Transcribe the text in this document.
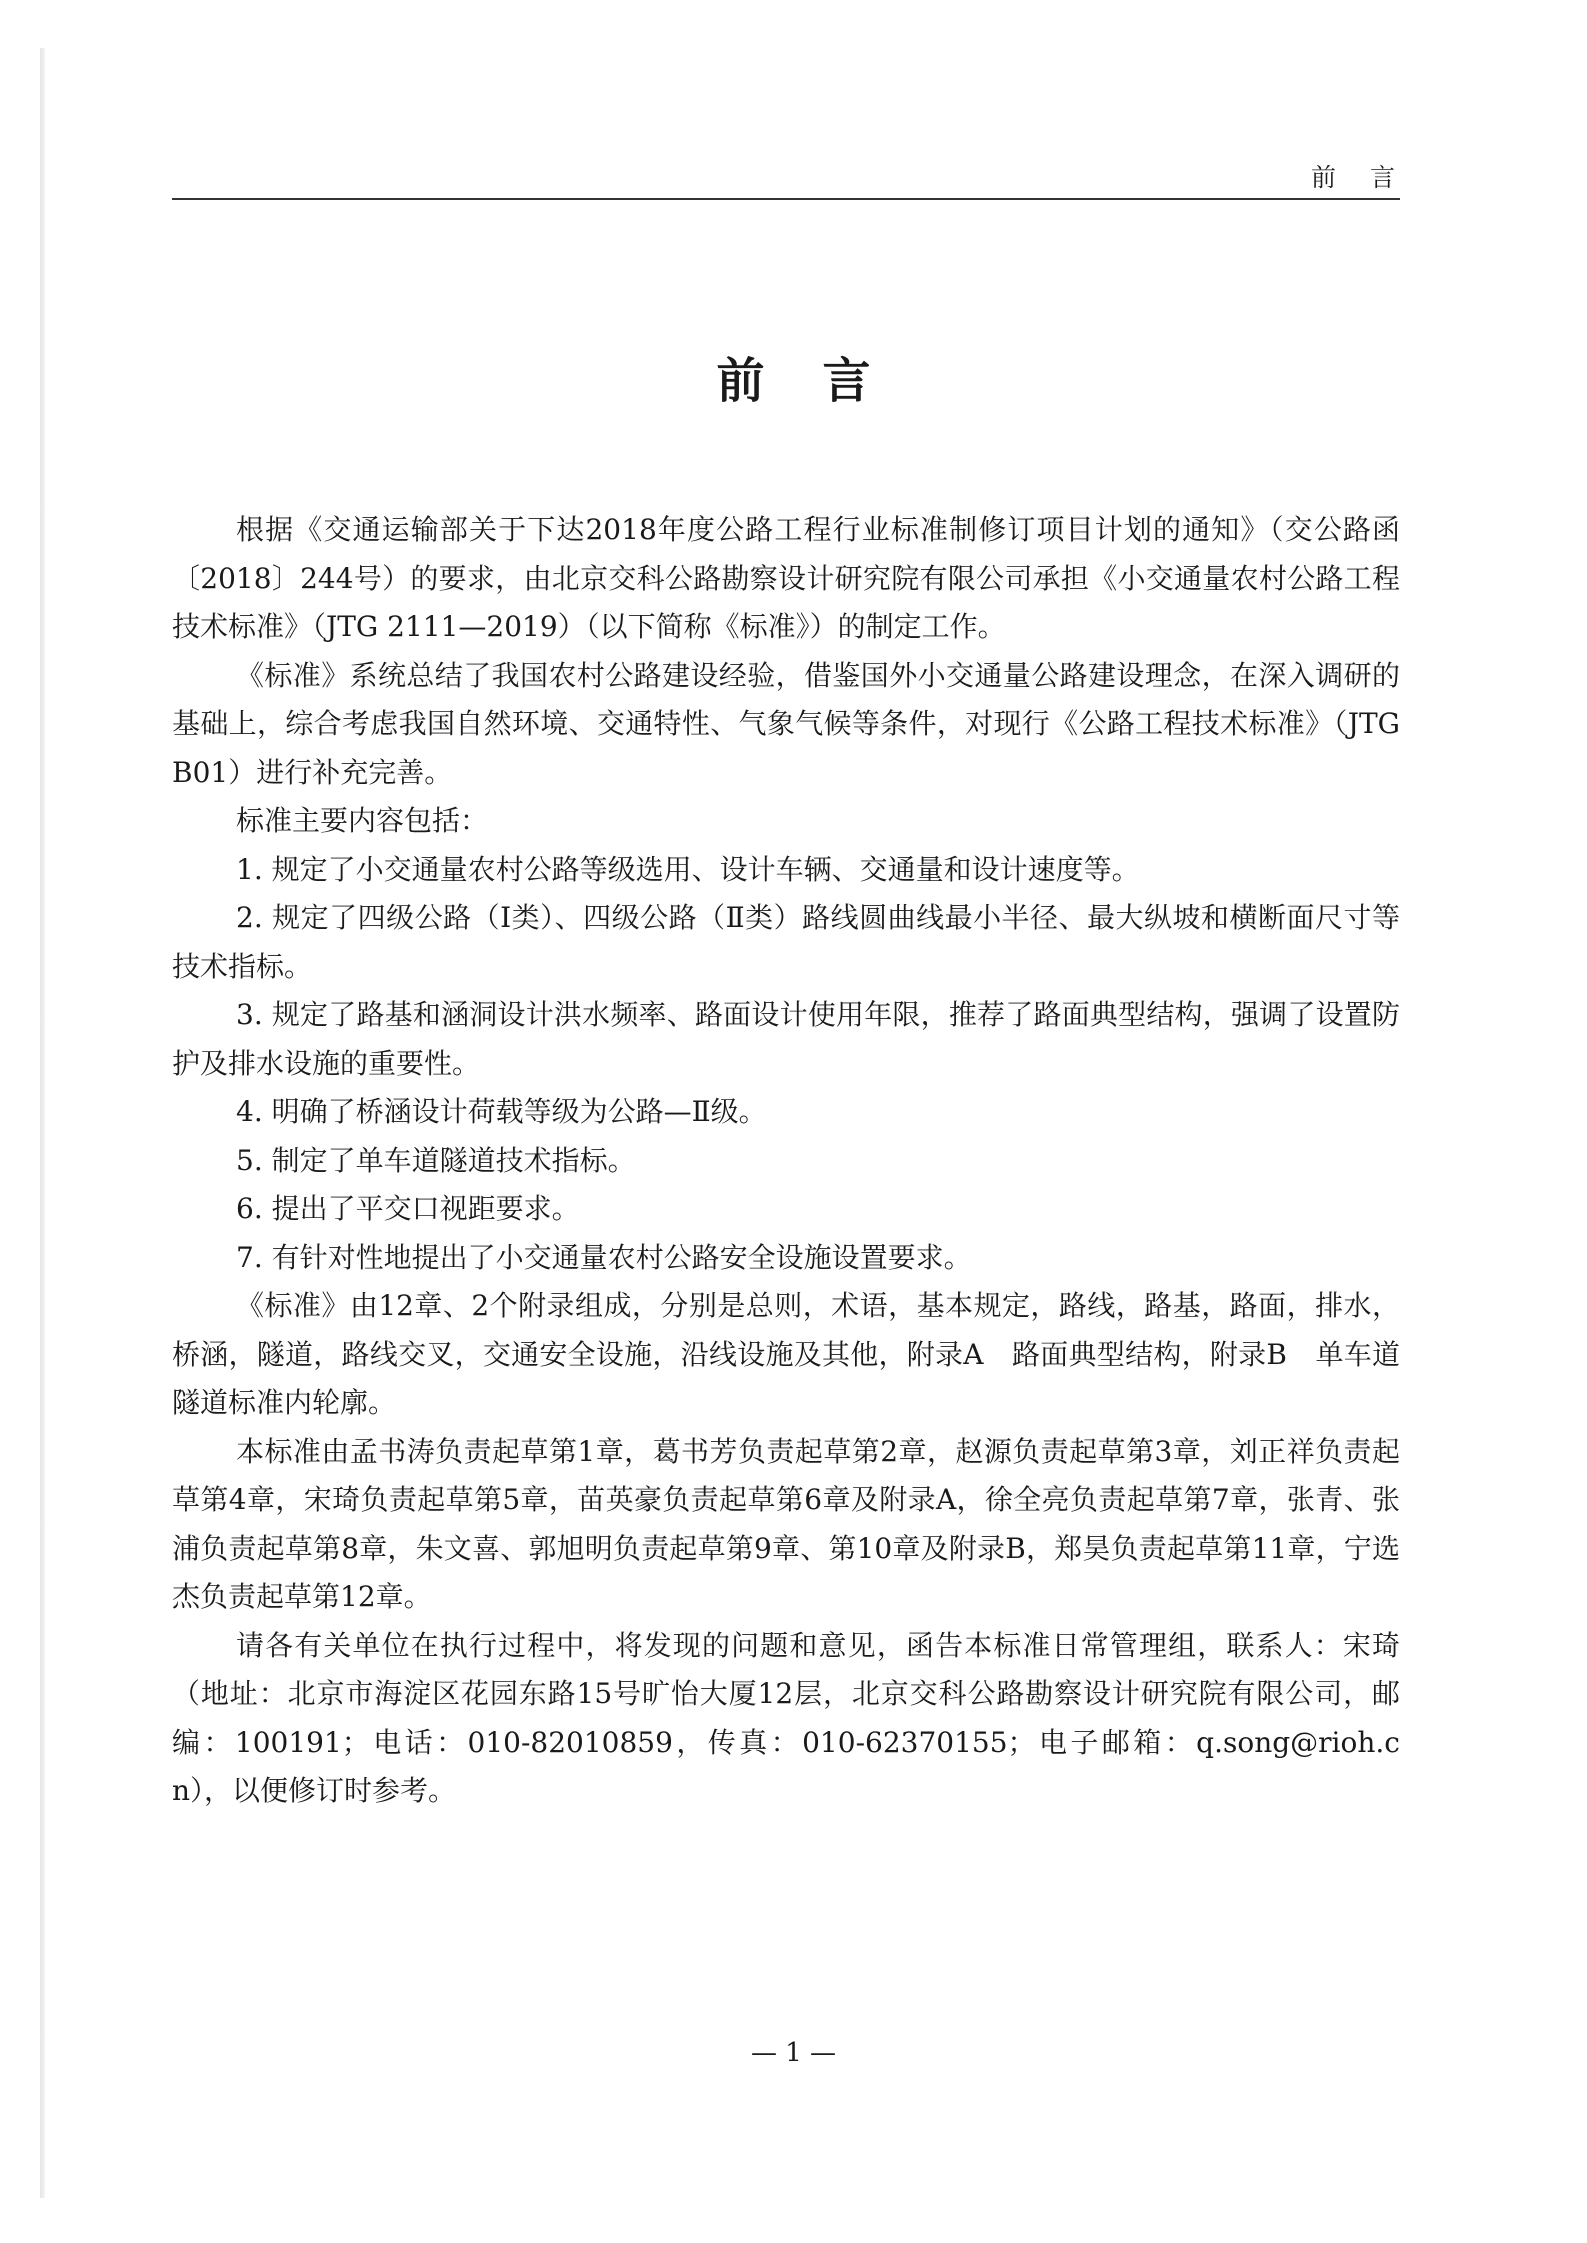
前言
前言

根据《交通运输部关于下达2018年度公路工程行业标准制修订项目计划的通知》（交公路函〔2018〕244号）的要求，由北京交科公路勘察设计研究院有限公司承担《小交通量农村公路工程技术标准》（JTG 2111—2019）（以下简称《标准》）的制定工作。

《标准》系统总结了我国农村公路建设经验，借鉴国外小交通量公路建设理念，在深入调研的基础上，综合考虑我国自然环境、交通特性、气象气候等条件，对现行《公路工程技术标准》（JTG B01）进行补充完善。

标准主要内容包括：

1. 规定了小交通量农村公路等级选用、设计车辆、交通量和设计速度等。

2. 规定了四级公路（Ⅰ类）、四级公路（Ⅱ类）路线圆曲线最小半径、最大纵坡和横断面尺寸等技术指标。

3. 规定了路基和涵洞设计洪水频率、路面设计使用年限，推荐了路面典型结构，强调了设置防护及排水设施的重要性。

4. 明确了桥涵设计荷载等级为公路—Ⅱ级。

5. 制定了单车道隧道技术指标。

6. 提出了平交口视距要求。

7. 有针对性地提出了小交通量农村公路安全设施设置要求。

《标准》由12章、2个附录组成，分别是总则，术语，基本规定，路线，路基，路面，排水，桥涵，隧道，路线交叉，交通安全设施，沿线设施及其他，附录A　路面典型结构，附录B　单车道隧道标准内轮廓。

本标准由孟书涛负责起草第1章，葛书芳负责起草第2章，赵源负责起草第3章，刘正祥负责起草第4章，宋琦负责起草第5章，苗英豪负责起草第6章及附录A，徐全亮负责起草第7章，张青、张浦负责起草第8章，朱文喜、郭旭明负责起草第9章、第10章及附录B，郑昊负责起草第11章，宁选杰负责起草第12章。

请各有关单位在执行过程中，将发现的问题和意见，函告本标准日常管理组，联系人：宋琦（地址：北京市海淀区花园东路15号旷怡大厦12层，北京交科公路勘察设计研究院有限公司，邮编：100191；电话：010-82010859，传真：010-62370155；电子邮箱：q.song@rioh.cn），以便修订时参考。

— 1 —
